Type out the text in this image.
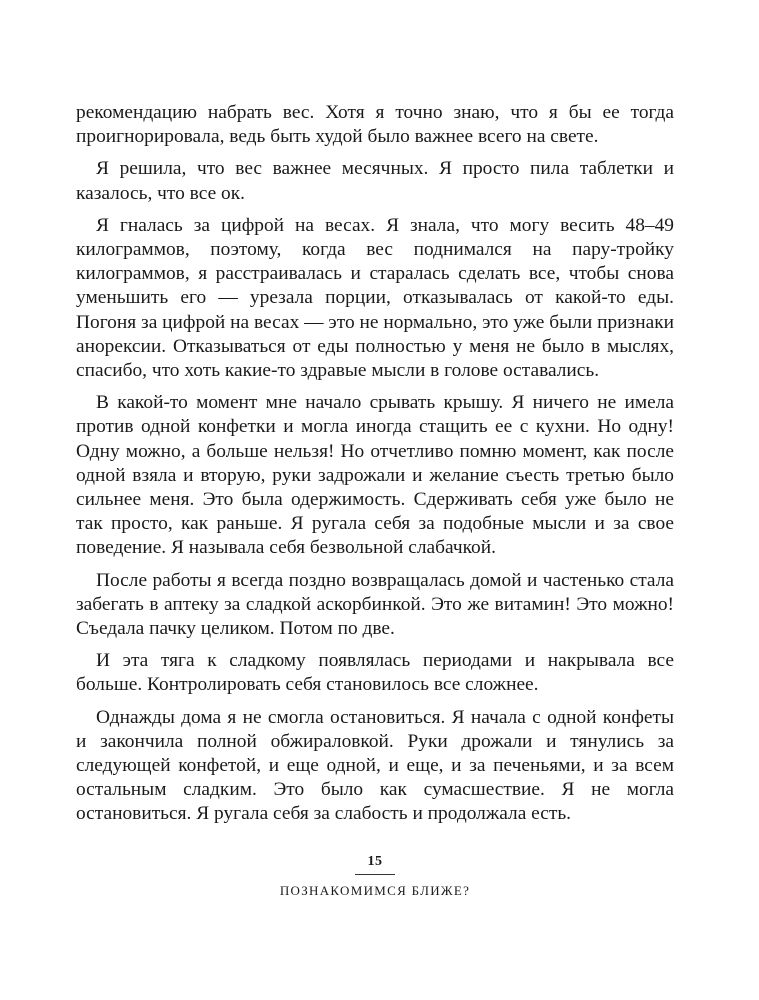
рекомендацию набрать вес. Хотя я точно знаю, что я бы ее тогда проигнорировала, ведь быть худой было важнее всего на свете.

Я решила, что вес важнее месячных. Я просто пила таблетки и казалось, что все ок.

Я гналась за цифрой на весах. Я знала, что могу весить 48–49 килограммов, поэтому, когда вес поднимался на пару-тройку килограммов, я расстраивалась и старалась сделать все, чтобы снова уменьшить его — урезала порции, отказывалась от какой-то еды. Погоня за цифрой на весах — это не нормально, это уже были признаки анорексии. Отказываться от еды полностью у меня не было в мыслях, спасибо, что хоть какие-то здравые мысли в голове оставались.

В какой-то момент мне начало срывать крышу. Я ничего не имела против одной конфетки и могла иногда стащить ее с кухни. Но одну! Одну можно, а больше нельзя! Но отчетливо помню момент, как после одной взяла и вторую, руки задрожали и желание съесть третью было сильнее меня. Это была одержимость. Сдерживать себя уже было не так просто, как раньше. Я ругала себя за подобные мысли и за свое поведение. Я называла себя безвольной слабачкой.

После работы я всегда поздно возвращалась домой и частенько стала забегать в аптеку за сладкой аскорбинкой. Это же витамин! Это можно! Съедала пачку целиком. Потом по две.

И эта тяга к сладкому появлялась периодами и накрывала все больше. Контролировать себя становилось все сложнее.

Однажды дома я не смогла остановиться. Я начала с одной конфеты и закончила полной обжираловкой. Руки дрожали и тянулись за следующей конфетой, и еще одной, и еще, и за печеньями, и за всем остальным сладким. Это было как сумасшествие. Я не могла остановиться. Я ругала себя за слабость и продолжала есть.

15
ПОЗНАКОМИМСЯ БЛИЖЕ?
